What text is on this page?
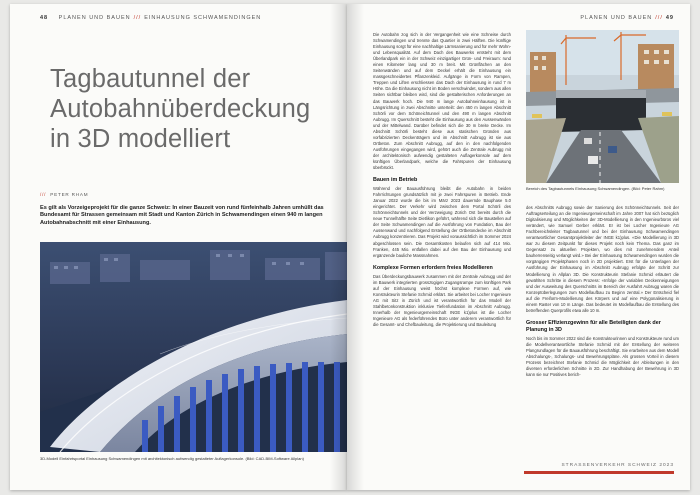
48 PLANEN UND BAUEN /// EINHAUSUNG SCHWAMENDINGEN
Tagbautunnel der Autobahnüberdeckung in 3D modelliert
/// PETER RHAM

Es gilt als Vorzeigeprojekt für die ganze Schweiz: In einer Bauzeit von rund fünfeinhalb Jahren umhüllt das Bundesamt für Strassen gemeinsam mit Stadt und Kanton Zürich in Schwamendingen einen 940 m langen Autobahnabschnitt mit einer Einhausung.

3D-Modell Einfahrtsportal Einhausung Schwamendingen mit architektonisch aufwendig gestalteter Auflagerkonsole. (Bild: CAD-BIM-Software Allplan)

PLANEN UND BAUEN /// 49

Die Autobahn zog sich in der Vergangenheit wie eine Schneise durch Schwamendingen und trennte das Quartier in zwei Hälften. Die künftige Einhausung sorgt für eine nachhaltige Lärmsanierung und für mehr Wohn- und Lebensqualität. Auf dem Dach des Bauwerks entsteht mit dem Überlandpark ein in der Schweiz einzigartiger Grün- und Freiraum: rund einen Kilometer lang und 30 m breit. Mit Grünflächen an den Seitenwänden und auf dem Deckel erhält die Einhausung ein massgeschneidertes Pflanzenkleid. Aufgänge in Form von Rampen, Treppen und Liften erschliessen das Dach der Einhausung in rund 7 m Höhe. Da die Einhausung nicht im Boden verschwindet, sondern aus allen Seiten sichtbar bleiben wird, sind die gestalterischen Anforderungen an das Bauwerk hoch. Die 940 m lange Autobahneinhausung ist in Längsrichtung in zwei Abschnitte unterteilt: den 450 m langen Abschnitt Schörli vor dem Schöneichtunnel und den 490 m langen Abschnitt Aubrugg. Im Querschnitt besteht die Einhausung aus den Aussenwänden und der Mittelwand. Darüber befindet sich die 30 m breite Decke. Im Abschnitt Schörli besteht diese aus statischen Gründen aus vorfabrizierten Deckenträgern und im Abschnitt Aubrugg ist sie aus Ortbeton. Zum Abschnitt Aubrugg, auf den in den nachfolgenden Ausführungen eingegangen wird, gehört auch die Zentrale Aubrugg mit der architektonisch aufwendig gestalteten Auflagerkonsole auf dem künftigen Überlandpark, welche die Fahrspuren der Einhausung überbrückt.

Bauen im Betrieb

Während der Bauausführung bleibt die Autobahn in beiden Fahrrichtungen grundsätzlich mit je zwei Fahrspuren in Betrieb. Ende Januar 2022 wurde die bis im März 2023 dauernde Bauphase 5.0 eingerichtet. Der Verkehr wird zwischen dem Portal Schörli des Schönneichtunnels und der Verzweigung Zürich Ost bereits durch die neue Tunnelhälfte Seite Dietlikon geführt, während sich die Baustellen auf der Seite Schwamendingen auf die Ausführung von Fundation, Bau der Aussenwand und nachfolgend Erstellung der Ortbetondecke im Abschnitt Aubrugg konzentrieren. Das Projekt wird voraussichtlich im Sommer 2024 abgeschlossen sein. Die Gesamtkosten belaufen sich auf 414 Mio. Franken, 445 Mio. entfallen dabei auf den Bau der Einhausung und ergänzende bauliche Massnahmen.

Komplexe Formen erfordern freies Modellieren

Das Überdeckungsbauwerk zusammen mit der Zentrale Aubrugg und der im Bauwerk integrierten grosszügigen Zugangsrampe zum künftigen Park auf der Einhausung weist höchst komplexe Formen auf, wie Konstrukteurin Stefanie Schmid erklärt. Sie arbeitet bei Locher Ingenieure AG mit Sitz in Zürich und ist verantwortlich für das Modell der Stahlbetonkonstruktion inklusive Tiefenfundation im Abschnitt Aubrugg. Innerhalb der Ingenieurgemeinschaft INGE k1)plus ist die Locher Ingenieure AG als federführendes Büro unter anderem verantwortlich für die Gesamt- und Chefbauleitung, die Projektierung und Bauleitung

Bereich des Tagbautunnels Einhausung Schwamendingen. (Bild: Peter Rahm)

des Abschnitts Aubrugg sowie der Sanierung des Schönneichtunnels. Seit der Auftragserteilung an die Ingenieurgemeinschaft im Jahre 2007 hat sich bezüglich Digitalisierung und Möglichkeiten der 3D-Modellierung in den Ingenieurbüros viel verändert, wie Samuel Gerber erklärt. Er ist bei Locher Ingenieure AG Fachbereichsleiter Tagbautunnel und bei der Einhausung Schwamendingen verantwortlicher Gesamtprojektleiter der INGE k1)plus. «Die Modellierung in 3D war zu diesem Zeitpunkt für dieses Projekt noch kein Thema. Das ganz im Gegensatz zu aktuellen Projekten, wo dies mit zunehmendem Anteil bauherrenseitig verlangt wird.» Bei der Einhausung Schwamendingen wurden die vorgängigen Projektphasen noch in 2D projektiert. Erst für die Unterlagen der Ausführung der Einhausung im Abschnitt Aubrugg erfolgte der Schritt zur Modellierung in Allplan 3D. Die Konstrukteurin Stefanie Schmid erläutert die gewählten Schritte in diesem Prozess: «Infolge der variablen Deckenneigungen und der Ausweitung des Querschnitts im Bereich der Ausfahrt Aubrugg waren die Konzeptüberlegungen zum Modellaufbau zu Beginn zentral.» Der Entscheid fiel auf die Freiform-Modellierung des Körpers und auf eine Polygonalisierung in einem Raster von 10 m Länge. Das bedeutet im Modellaufbau die Erstellung des betreffenden Querprofils etwa alle 10 m.

Grosser Effizienzgewinn für alle Beteiligten dank der Planung in 3D

Noch bis im Sommer 2022 sind die Konstrukteurinnen und Konstrukteure rund um die Modellverantwortliche Stefanie Schmid mit der Erstellung der weiteren Plangrundlagen für die Bauausführung beschäftigt. Sie erarbeiten aus dem Modell Abschalungs-, Schalungs- und Bewehrungspläne. Als grossen Vorteil in diesem Prozess bezeichnet Stefanie Schmid die Möglichkeit der Ableitungen in den diversen erforderlichen Schnitte in 2D. Zur Handhabung der Bewehrung in 3D kann sie nur Positives berich-

STRASSENVERKEHR SCHWEIZ 2023
